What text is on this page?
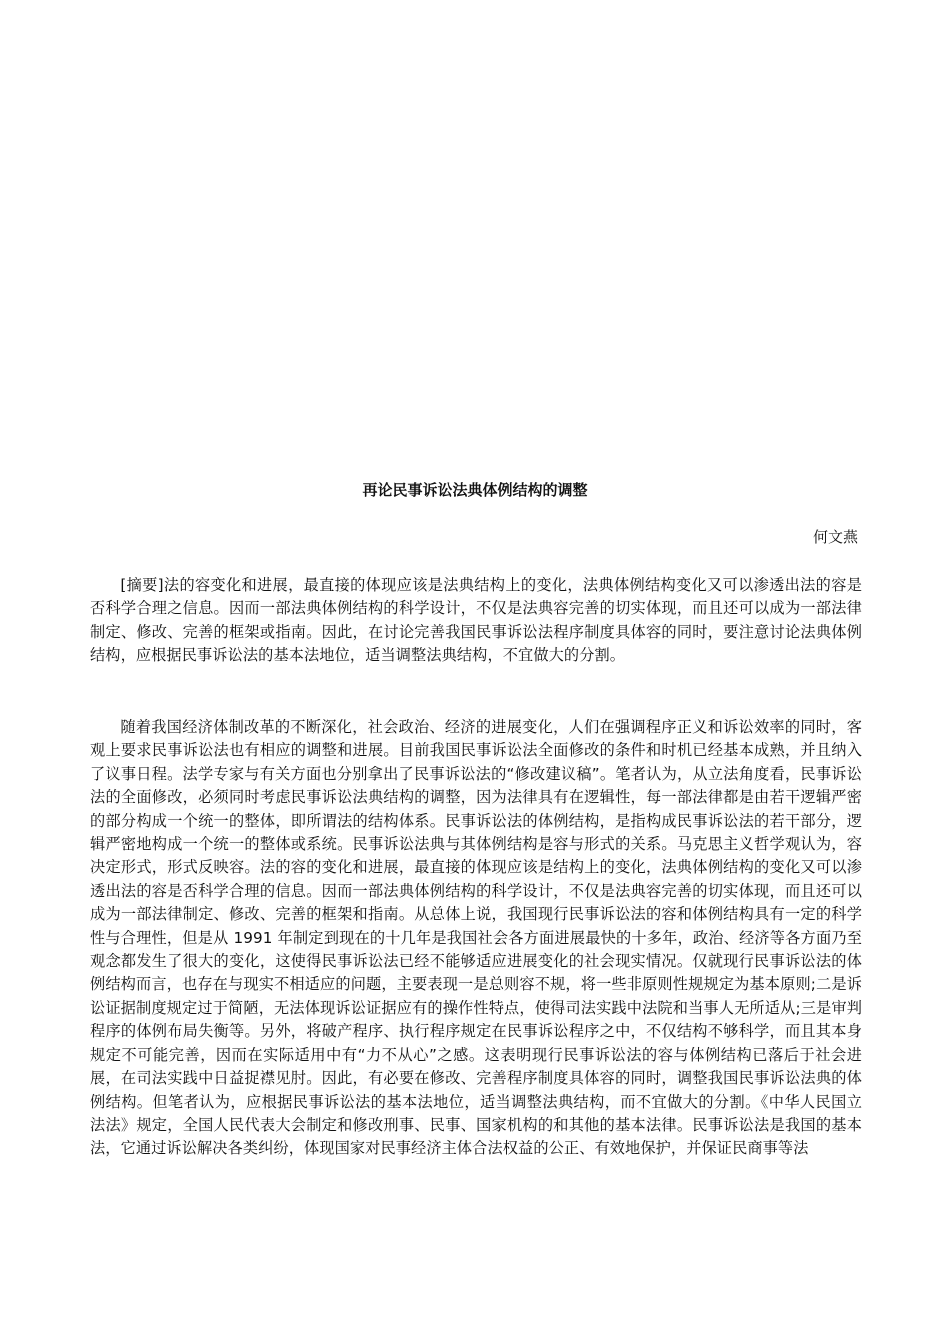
再论民事诉讼法典体例结构的调整

何文燕

[摘要]法的容变化和进展，最直接的体现应该是法典结构上的变化，法典体例结构变化又可以渗透出法的容是否科学合理之信息。因而一部法典体例结构的科学设计，不仅是法典容完善的切实体现，而且还可以成为一部法律制定、修改、完善的框架或指南。因此，在讨论完善我国民事诉讼法程序制度具体容的同时，要注意讨论法典体例结构，应根据民事诉讼法的基本法地位，适当调整法典结构，不宜做大的分割。

随着我国经济体制改革的不断深化，社会政治、经济的进展变化，人们在强调程序正义和诉讼效率的同时，客观上要求民事诉讼法也有相应的调整和进展。目前我国民事诉讼法全面修改的条件和时机已经基本成熟，并且纳入了议事日程。法学专家与有关方面也分别拿出了民事诉讼法的“修改建议稿”。笔者认为，从立法角度看，民事诉讼法的全面修改，必须同时考虑民事诉讼法典结构的调整，因为法律具有在逻辑性，每一部法律都是由若干逻辑严密的部分构成一个统一的整体，即所谓法的结构体系。民事诉讼法的体例结构，是指构成民事诉讼法的若干部分，逻辑严密地构成一个统一的整体或系统。民事诉讼法典与其体例结构是容与形式的关系。马克思主义哲学观认为，容决定形式，形式反映容。法的容的变化和进展，最直接的体现应该是结构上的变化，法典体例结构的变化又可以渗透出法的容是否科学合理的信息。因而一部法典体例结构的科学设计，不仅是法典容完善的切实体现，而且还可以成为一部法律制定、修改、完善的框架和指南。从总体上说，我国现行民事诉讼法的容和体例结构具有一定的科学性与合理性，但是从 1991 年制定到现在的十几年是我国社会各方面进展最快的十多年，政治、经济等各方面乃至观念都发生了很大的变化，这使得民事诉讼法已经不能够适应进展变化的社会现实情况。仅就现行民事诉讼法的体例结构而言，也存在与现实不相适应的问题，主要表现一是总则容不规，将一些非原则性规规定为基本原则;二是诉讼证据制度规定过于简陋，无法体现诉讼证据应有的操作性特点，使得司法实践中法院和当事人无所适从;三是审判程序的体例布局失衡等。另外，将破产程序、执行程序规定在民事诉讼程序之中，不仅结构不够科学，而且其本身规定不可能完善，因而在实际适用中有“力不从心”之感。这表明现行民事诉讼法的容与体例结构已落后于社会进展，在司法实践中日益捉襟见肘。因此，有必要在修改、完善程序制度具体容的同时，调整我国民事诉讼法典的体例结构。但笔者认为，应根据民事诉讼法的基本法地位，适当调整法典结构，而不宜做大的分割。《中华人民国立法法》规定，全国人民代表大会制定和修改刑事、民事、国家机构的和其他的基本法律。民事诉讼法是我国的基本法，它通过诉讼解决各类纠纷，体现国家对民事经济主体合法权益的公正、有效地保护，并保证民商事等法
